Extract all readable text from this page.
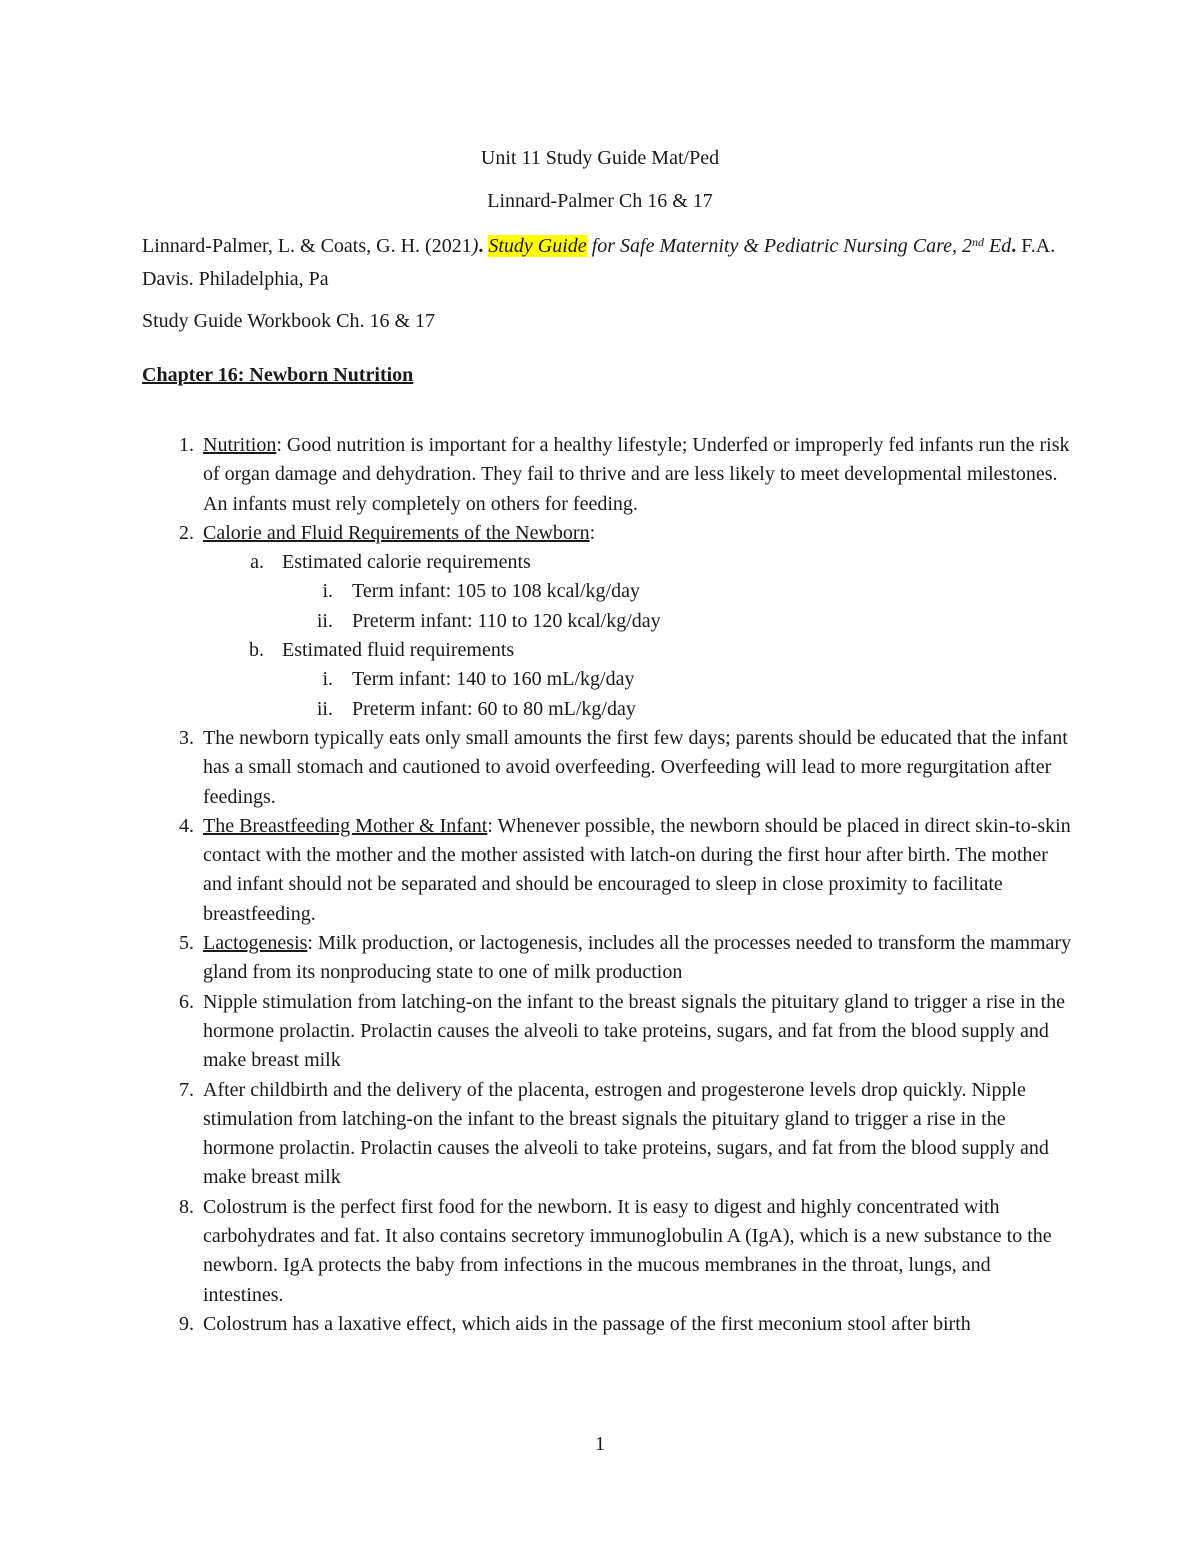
Unit 11 Study Guide Mat/Ped
Linnard-Palmer Ch 16 & 17
Linnard-Palmer, L. & Coats, G. H. (2021). Study Guide for Safe Maternity & Pediatric Nursing Care, 2nd Ed. F.A. Davis. Philadelphia, Pa
Study Guide Workbook Ch. 16 & 17
Chapter 16: Newborn Nutrition
1. Nutrition: Good nutrition is important for a healthy lifestyle; Underfed or improperly fed infants run the risk of organ damage and dehydration. They fail to thrive and are less likely to meet developmental milestones. An infants must rely completely on others for feeding.
2. Calorie and Fluid Requirements of the Newborn:
a. Estimated calorie requirements
i. Term infant: 105 to 108 kcal/kg/day
ii. Preterm infant: 110 to 120 kcal/kg/day
b. Estimated fluid requirements
i. Term infant: 140 to 160 mL/kg/day
ii. Preterm infant: 60 to 80 mL/kg/day
3. The newborn typically eats only small amounts the first few days; parents should be educated that the infant has a small stomach and cautioned to avoid overfeeding. Overfeeding will lead to more regurgitation after feedings.
4. The Breastfeeding Mother & Infant: Whenever possible, the newborn should be placed in direct skin-to-skin contact with the mother and the mother assisted with latch-on during the first hour after birth. The mother and infant should not be separated and should be encouraged to sleep in close proximity to facilitate breastfeeding.
5. Lactogenesis: Milk production, or lactogenesis, includes all the processes needed to transform the mammary gland from its nonproducing state to one of milk production
6. Nipple stimulation from latching-on the infant to the breast signals the pituitary gland to trigger a rise in the hormone prolactin. Prolactin causes the alveoli to take proteins, sugars, and fat from the blood supply and make breast milk
7. After childbirth and the delivery of the placenta, estrogen and progesterone levels drop quickly. Nipple stimulation from latching-on the infant to the breast signals the pituitary gland to trigger a rise in the hormone prolactin. Prolactin causes the alveoli to take proteins, sugars, and fat from the blood supply and make breast milk
8. Colostrum is the perfect first food for the newborn. It is easy to digest and highly concentrated with carbohydrates and fat. It also contains secretory immunoglobulin A (IgA), which is a new substance to the newborn. IgA protects the baby from infections in the mucous membranes in the throat, lungs, and intestines.
9. Colostrum has a laxative effect, which aids in the passage of the first meconium stool after birth
1
